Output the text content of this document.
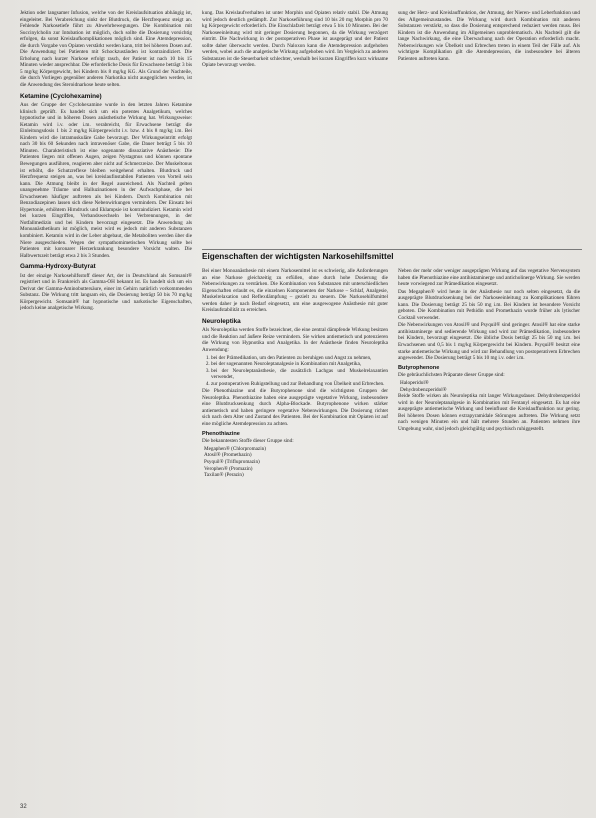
Jektion oder langsamer Infusion, welche von der Kreislaufsituation abhängig ist, eingeleitet. Bei Verabreichung sinkt der Blutdruck, die Herzfrequenz steigt an. Fehlende Narkosetiefe führt zu Abwehrbewegungen. Die Kombination mit Succinylcholin zur Intubation ist möglich, doch sollte die Dosierung vorsichtig erfolgen, da sonst Kreislaufkomplikationen möglich sind. Eine Atemdepression, die durch Vorgabe von Opiaten verstärkt werden kann, tritt bei höheren Dosen auf. Die Anwendung bei Patienten mit Schockzuständen ist kontraindiziert. Die Erholung nach kurzer Narkose erfolgt rasch, der Patient ist nach 10 bis 15 Minuten wieder ansprechbar. Die erforderliche Dosis für Erwachsene beträgt 3 bis 5 mg/kg Körpergewicht, bei Kindern bis 8 mg/kg KG. Als Grund der Nachteile, die durch Vorliegen gegenüber anderen Narkotika nicht ausgeglichen werden, ist die Anwendung des Steroidnarkose heute selten.

Ketamine (Cyclohexamine)

Aus der Gruppe der Cyclohexamine wurde in den letzten Jahren Ketamine klinisch geprüft. Es handelt sich um ein potentes Analgetikum, welches hypnotische und in höheren Dosen anästhetische Wirkung hat. Wirkungsweise: Ketamin wird i.v. oder i.m. verabreicht, für Erwachsene beträgt die Einleitungsdosis 1 bis 2 mg/kg Körpergewicht i.v. bzw. 4 bis 8 mg/kg i.m. Bei Kindern wird die intramuskuläre Gabe bevorzugt. Der Wirkungseintritt erfolgt nach 30 bis 60 Sekunden nach intravenöser Gabe, die Dauer beträgt 5 bis 10 Minuten. Charakteristisch ist eine sogenannte dissoziative Anästhesie: Die Patienten liegen mit offenen Augen, zeigen Nystagmus und können spontane Bewegungen ausführen, reagieren aber nicht auf Schmerzreize. Der Muskeltonus ist erhöht, die Schutzreflexe bleiben weitgehend erhalten. Blutdruck und Herzfrequenz steigen an, was bei kreislaufinstabilen Patienten von Vorteil sein kann. Die Atmung bleibt in der Regel ausreichend. Als Nachteil gelten unangenehme Träume und Halluzinationen in der Aufwachphase, die bei Erwachsenen häufiger auftreten als bei Kindern. Durch Kombination mit Benzodiazepinen lassen sich diese Nebenwirkungen vermindern. Der Einsatz bei Hypertonie, erhöhtem Hirndruck und Eklampsie ist kontraindiziert. Ketamin wird bei kurzen Eingriffen, Verbandswechseln bei Verbrennungen, in der Notfallmedizin und bei Kindern bevorzugt eingesetzt. Die Anwendung als Monoanästhetikum ist möglich, meist wird es jedoch mit anderen Substanzen kombiniert. Ketamin wird in der Leber abgebaut, die Metaboliten werden über die Niere ausgeschieden. Wegen der sympathomimetischen Wirkung sollte bei Patienten mit koronarer Herzerkrankung besondere Vorsicht walten. Die Halbwertszeit beträgt etwa 2 bis 3 Stunden.

Gamma-Hydroxy-Butyrat

Ist der einzige Narkosehilfsstoff dieser Art, der in Deutschland als Somsanit® registriert und in Frankreich als Gamma-OH bekannt ist. Es handelt sich um ein Derivat der Gamma-Aminobuttersäure, einer im Gehirn natürlich vorkommenden Substanz. Die Wirkung tritt langsam ein, die Dosierung beträgt 50 bis 70 mg/kg Körpergewicht. Somsanit® hat hypnotische und narkotische Eigenschaften, jedoch keine analgetische Wirkung.

kung. Das Kreislaufverhalten ist unter Morphin und Opiaten relativ stabil. Die Atmung wird jedoch deutlich gedämpft. Zur Narkoseführung sind 10 bis 20 mg Morphin pro 70 kg Körpergewicht erforderlich. Die Einschlafzeit beträgt etwa 5 bis 10 Minuten. Bei der Narkoseeinleitung wird mit geringer Dosierung begonnen, da die Wirkung verzögert eintritt. Die Nachwirkung in der postoperativen Phase ist ausgeprägt und der Patient sollte daher überwacht werden. Durch Naloxon kann die Atemdepression aufgehoben werden, wobei auch die analgetische Wirkung aufgehoben wird. Im Vergleich zu anderen Substanzen ist die Steuerbarkeit schlechter, weshalb bei kurzen Eingriffen kurz wirksame Opiate bevorzugt werden.

sung der Herz- und Kreislauffunktion, der Atmung, der Nieren- und Leberfunktion und des Allgemeinzustandes. Die Wirkung wird durch Kombination mit anderen Substanzen verstärkt, so dass die Dosierung entsprechend reduziert werden muss. Bei Kindern ist die Anwendung im Allgemeinen unproblematisch. Als Nachteil gilt die lange Nachwirkung, die eine Überwachung nach der Operation erforderlich macht. Nebenwirkungen wie Übelkeit und Erbrechen treten in einem Teil der Fälle auf. Als wichtigste Komplikation gilt die Atemdepression, die insbesondere bei älteren Patienten auftreten kann.

Eigenschaften der wichtigsten Narkosehilfsmittel

Bei einer Monoanästhesie mit einem Narkosemittel ist es schwierig, alle Anforderungen an eine Narkose gleichzeitig zu erfüllen, ohne durch hohe Dosierung die Nebenwirkungen zu verstärken. Die Kombination von Substanzen mit unterschiedlichen Eigenschaften erlaubt es, die einzelnen Komponenten der Narkose – Schlaf, Analgesie, Muskelrelaxation und Reflexdämpfung – gezielt zu steuern. Die Narkosehilfsmittel werden daher je nach Bedarf eingesetzt, um eine ausgewogene Anästhesie mit guter Kreislaufstabilität zu erreichen.

Neuroleptika

Als Neuroleptika werden Stoffe bezeichnet, die eine zentral dämpfende Wirkung besitzen und die Reaktion auf äußere Reize vermindern. Sie wirken antiemetisch und potenzieren die Wirkung von Hypnotika und Analgetika. In der Anästhesie finden Neuroleptika Anwendung:

1. bei der Prämedikation, um den Patienten zu beruhigen und Angst zu nehmen,
2. bei der sogenannten Neuroleptanalgesie in Kombination mit Analgetika,
3. bei der Neuroleptanästhesie, die zusätzlich Lachgas und Muskelrelaxantien verwendet,
4. zur postoperativen Ruhigstellung und zur Behandlung von Übelkeit und Erbrechen.

Die Phenothiazine und die Butyrophenone sind die wichtigsten Gruppen der Neuroleptika. Phenothiazine haben eine ausgeprägte vegetative Wirkung, insbesondere eine Blutdrucksenkung durch Alpha-Blockade. Butyrophenone wirken stärker antiemetisch und haben geringere vegetative Nebenwirkungen. Die Dosierung richtet sich nach dem Alter und Zustand des Patienten. Bei der Kombination mit Opiaten ist auf eine mögliche Atemdepression zu achten.

Phenothiazine

Die bekanntesten Stoffe dieser Gruppe sind:

Megaphen® (Chlorpromazin)
Atosil® (Promethazin)
Psyquil® (Triflupromazin)
Verophen® (Promazin)
Taxilan® (Perazin)

Neben der mehr oder weniger ausgeprägten Wirkung auf das vegetative Nervensystem haben die Phenothiazine eine antihistaminerge und anticholinerge Wirkung. Sie werden heute vorwiegend zur Prämedikation eingesetzt.

Das Megaphen® wird heute in der Anästhesie nur noch selten eingesetzt, da die ausgeprägte Blutdrucksenkung bei der Narkoseeinleitung zu Komplikationen führen kann. Die Dosierung beträgt 25 bis 50 mg i.m. Bei Kindern ist besondere Vorsicht geboten. Die Kombination mit Pethidin und Promethazin wurde früher als lytischer Cocktail verwendet.

Die Nebenwirkungen von Atosil® und Psyquil® sind geringer. Atosil® hat eine starke antihistaminerge und sedierende Wirkung und wird zur Prämedikation, insbesondere bei Kindern, bevorzugt eingesetzt. Die übliche Dosis beträgt 25 bis 50 mg i.m. bei Erwachsenen und 0,5 bis 1 mg/kg Körpergewicht bei Kindern. Psyquil® besitzt eine starke antiemetische Wirkung und wird zur Behandlung von postoperativem Erbrechen angewendet. Die Dosierung beträgt 5 bis 10 mg i.v. oder i.m.

Butyrophenone

Die gebräuchlichsten Präparate dieser Gruppe sind:

Haloperidol®
Dehydrobenzperidol®

Beide Stoffe wirken als Neuroleptika mit langer Wirkungsdauer. Dehydrobenzperidol wird in der Neuroleptanalgesie in Kombination mit Fentanyl eingesetzt. Es hat eine ausgeprägte antiemetische Wirkung und beeinflusst die Kreislauffunktion nur gering. Bei höheren Dosen können extrapyramidale Störungen auftreten. Die Wirkung setzt nach wenigen Minuten ein und hält mehrere Stunden an. Patienten nehmen ihre Umgebung wahr, sind jedoch gleichgültig und psychisch ruhiggestellt.

32
